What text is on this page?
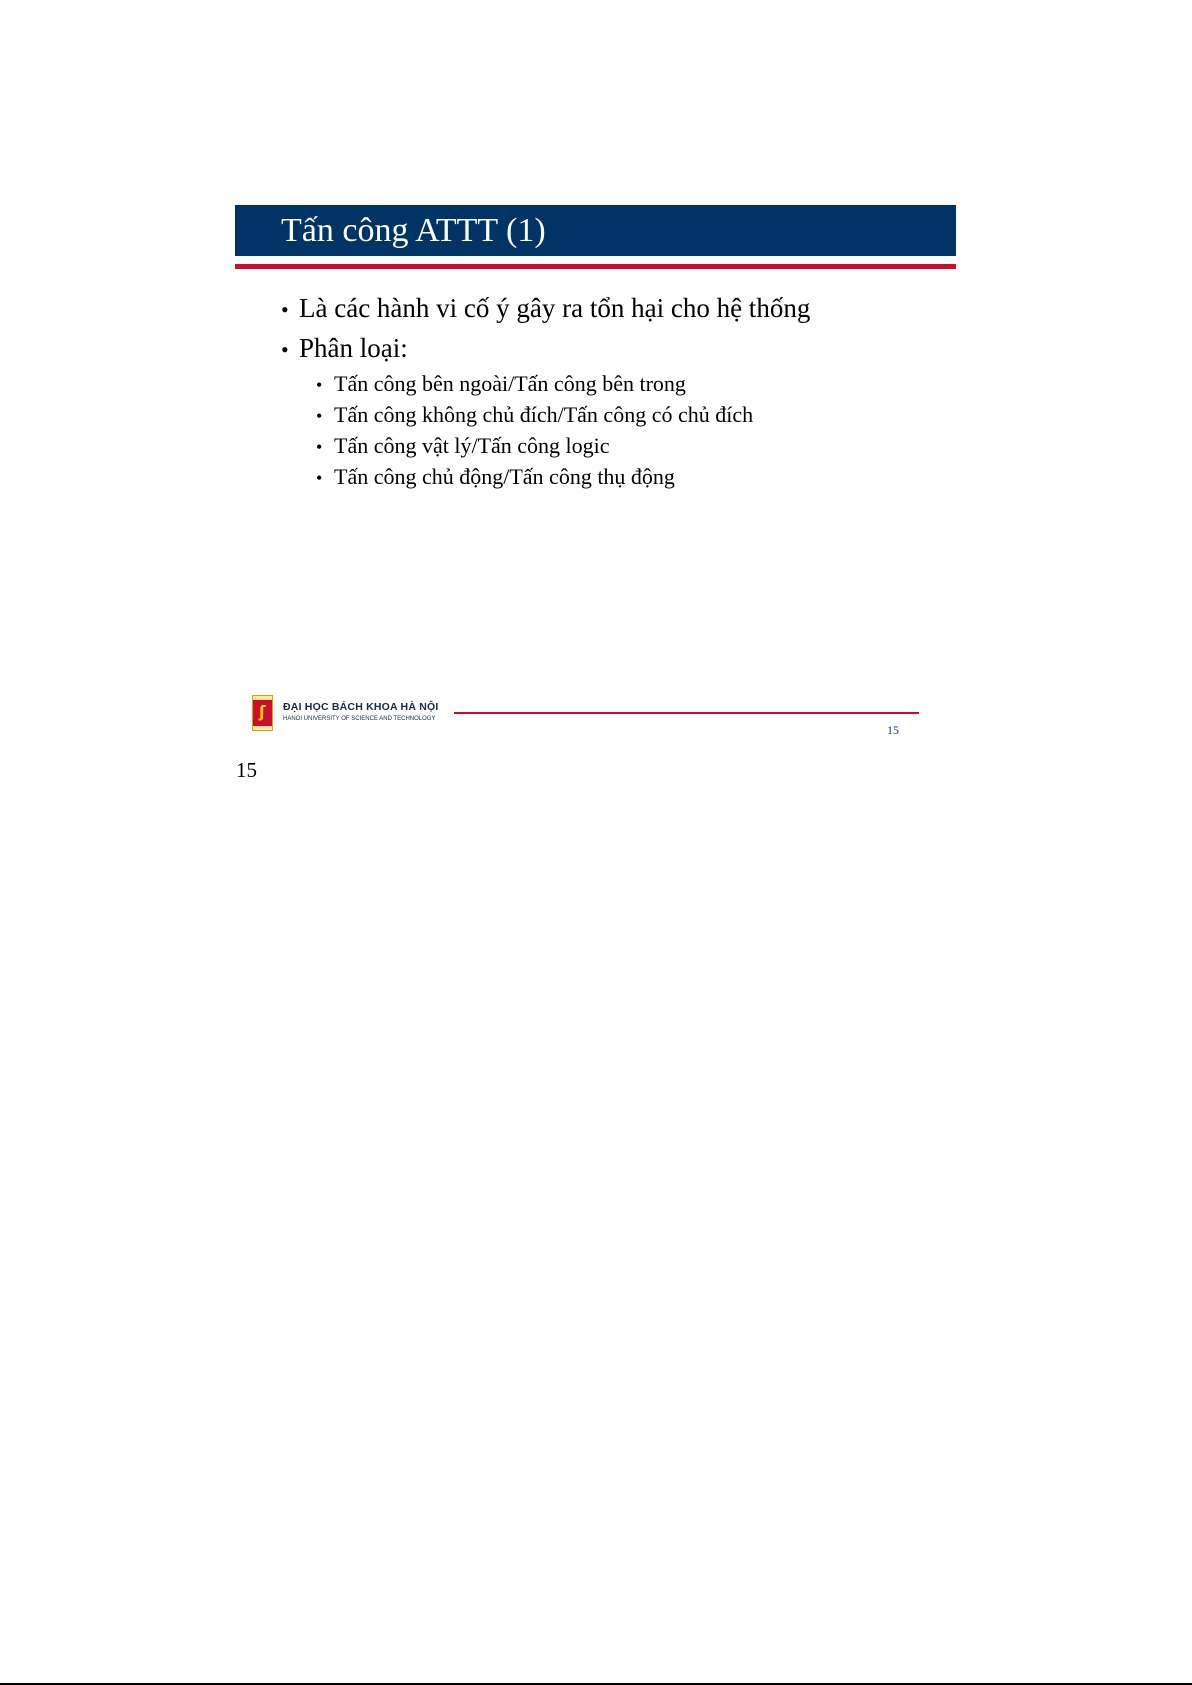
Tấn công ATTT (1)
• Là các hành vi cố ý gây ra tổn hại cho hệ thống
• Phân loại:
• Tấn công bên ngoài/Tấn công bên trong
• Tấn công không chủ đích/Tấn công có chủ đích
• Tấn công vật lý/Tấn công logic
• Tấn công chủ động/Tấn công thụ động
ʃ ĐẠI HỌC BÁCH KHOA HÀ NỘI
HANOI UNIVERSITY OF SCIENCE AND TECHNOLOGY
15
15
